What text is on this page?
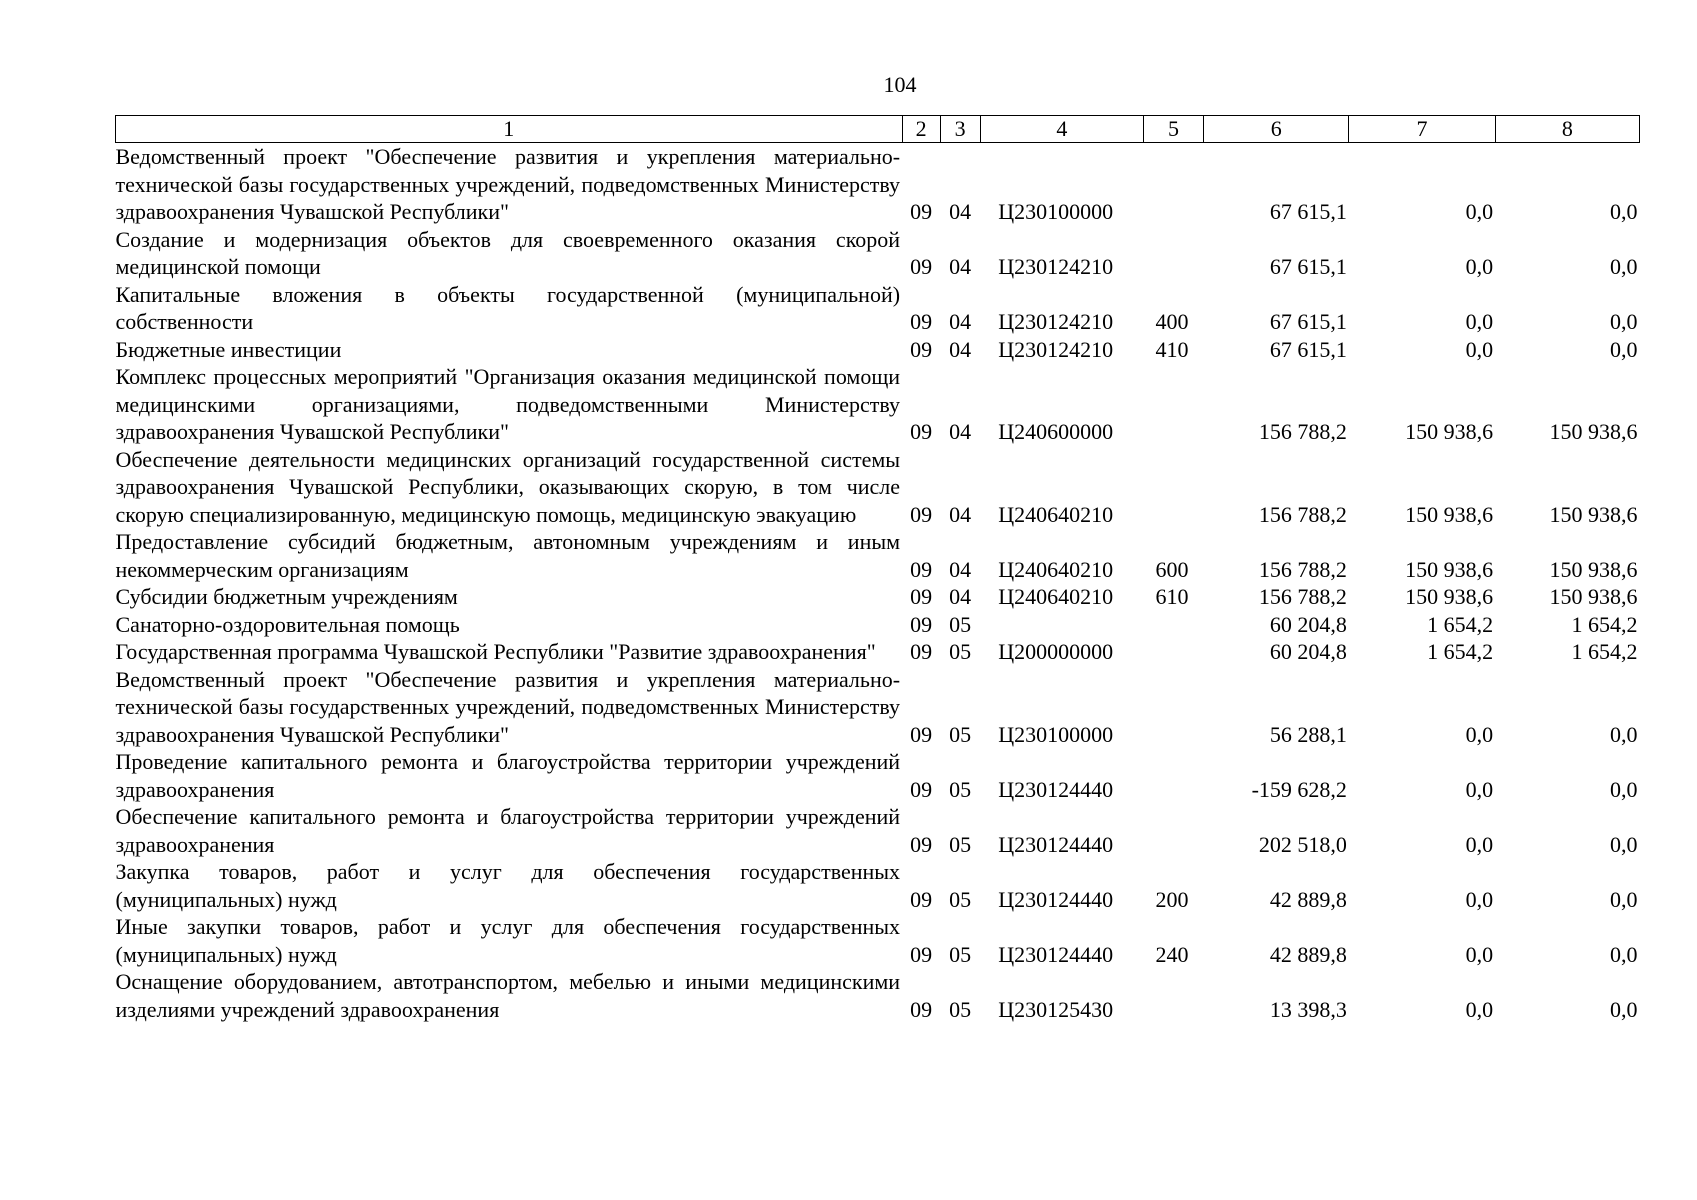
104
1	2	3	4	5	6	7	8
Ведомственный проект "Обеспечение развития и укрепления материально-технической базы государственных учреждений, подведомственных Министерству здравоохранения Чувашской Республики"	09	04	Ц230100000		67 615,1	0,0	0,0
Создание и модернизация объектов для своевременного оказания скорой медицинской помощи	09	04	Ц230124210		67 615,1	0,0	0,0
Капитальные вложения в объекты государственной (муниципальной) собственности	09	04	Ц230124210	400	67 615,1	0,0	0,0
Бюджетные инвестиции	09	04	Ц230124210	410	67 615,1	0,0	0,0
Комплекс процессных мероприятий "Организация оказания медицинской помощи медицинскими организациями, подведомственными Министерству здравоохранения Чувашской Республики"	09	04	Ц240600000		156 788,2	150 938,6	150 938,6
Обеспечение деятельности медицинских организаций государственной системы здравоохранения Чувашской Республики, оказывающих скорую, в том числе скорую специализированную, медицинскую помощь, медицинскую эвакуацию	09	04	Ц240640210		156 788,2	150 938,6	150 938,6
Предоставление субсидий бюджетным, автономным учреждениям и иным некоммерческим организациям	09	04	Ц240640210	600	156 788,2	150 938,6	150 938,6
Субсидии бюджетным учреждениям	09	04	Ц240640210	610	156 788,2	150 938,6	150 938,6
Санаторно-оздоровительная помощь	09	05			60 204,8	1 654,2	1 654,2
Государственная программа Чувашской Республики "Развитие здравоохранения"	09	05	Ц200000000		60 204,8	1 654,2	1 654,2
Ведомственный проект "Обеспечение развития и укрепления материально-технической базы государственных учреждений, подведомственных Министерству здравоохранения Чувашской Республики"	09	05	Ц230100000		56 288,1	0,0	0,0
Проведение капитального ремонта и благоустройства территории учреждений здравоохранения	09	05	Ц230124440		-159 628,2	0,0	0,0
Обеспечение капитального ремонта и благоустройства территории учреждений здравоохранения	09	05	Ц230124440		202 518,0	0,0	0,0
Закупка товаров, работ и услуг для обеспечения государственных (муниципальных) нужд	09	05	Ц230124440	200	42 889,8	0,0	0,0
Иные закупки товаров, работ и услуг для обеспечения государственных (муниципальных) нужд	09	05	Ц230124440	240	42 889,8	0,0	0,0
Оснащение оборудованием, автотранспортом, мебелью и иными медицинскими изделиями учреждений здравоохранения	09	05	Ц230125430		13 398,3	0,0	0,0
